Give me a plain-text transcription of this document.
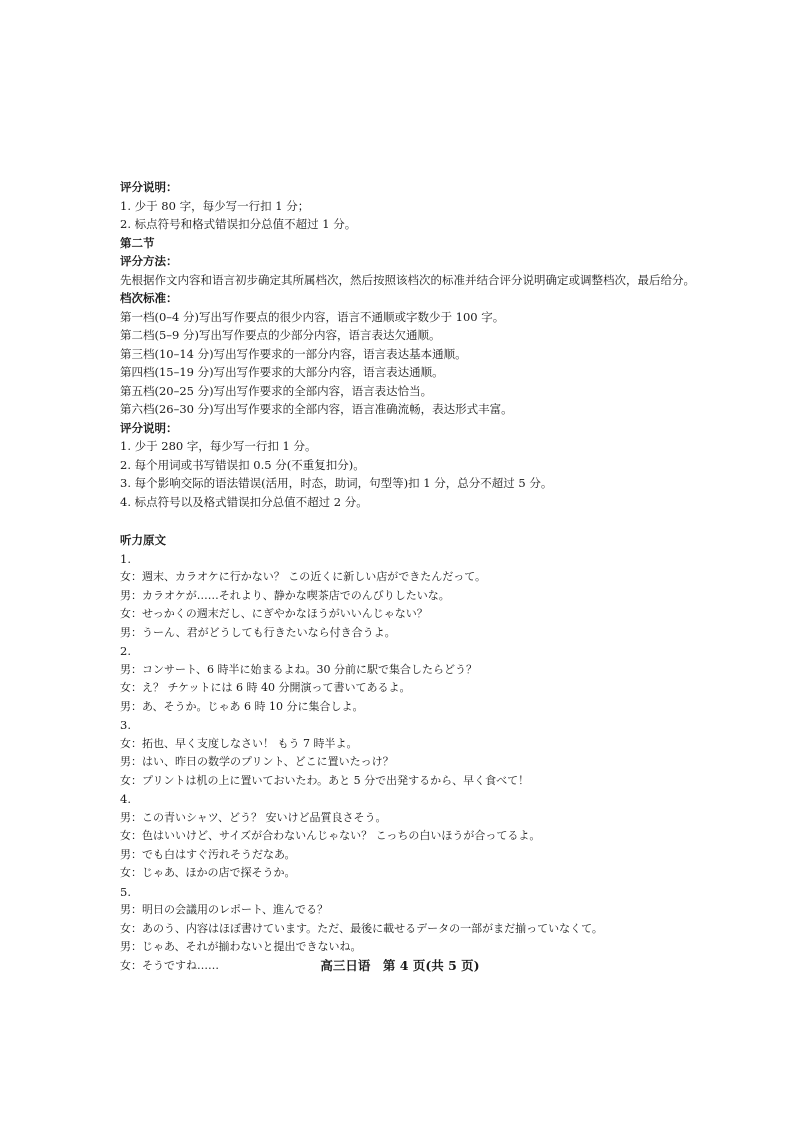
评分说明：
1. 少于 80 字，每少写一行扣 1 分；
2. 标点符号和格式错误扣分总值不超过 1 分。
第二节
评分方法：
先根据作文内容和语言初步确定其所属档次，然后按照该档次的标准并结合评分说明确定或调整档次，最后给分。
档次标准：
第一档(0–4 分)写出写作要点的很少内容，语言不通顺或字数少于 100 字。
第二档(5–9 分)写出写作要点的少部分内容，语言表达欠通顺。
第三档(10–14 分)写出写作要求的一部分内容，语言表达基本通顺。
第四档(15–19 分)写出写作要求的大部分内容，语言表达通顺。
第五档(20–25 分)写出写作要求的全部内容，语言表达恰当。
第六档(26–30 分)写出写作要求的全部内容，语言准确流畅，表达形式丰富。
评分说明：
1. 少于 280 字，每少写一行扣 1 分。
2. 每个用词或书写错误扣 0.5 分(不重复扣分)。
3. 每个影响交际的语法错误(活用，时态，助词，句型等)扣 1 分，总分不超过 5 分。
4. 标点符号以及格式错误扣分总值不超过 2 分。
听力原文
1.
女：週末、カラオケに行かない？ この近くに新しい店ができたんだって。
男：カラオケが……それより、静かな喫茶店でのんびりしたいな。
女：せっかくの週末だし、にぎやかなほうがいいんじゃない？
男：うーん、君がどうしても行きたいなら付き合うよ。
2.
男：コンサート、6 時半に始まるよね。30 分前に駅で集合したらどう？
女：え？ チケットには 6 時 40 分開演って書いてあるよ。
男：あ、そうか。じゃあ 6 時 10 分に集合しよ。
3.
女：拓也、早く支度しなさい！ もう 7 時半よ。
男：はい、昨日の数学のプリント、どこに置いたっけ？
女：プリントは机の上に置いておいたわ。あと 5 分で出発するから、早く食べて！
4.
男：この青いシャツ、どう？ 安いけど品質良さそう。
女：色はいいけど、サイズが合わないんじゃない？ こっちの白いほうが合ってるよ。
男：でも白はすぐ汚れそうだなあ。
女：じゃあ、ほかの店で探そうか。
5.
男：明日の会議用のレポート、進んでる？
女：あのう、内容はほぼ書けています。ただ、最後に載せるデータの一部がまだ揃っていなくて。
男：じゃあ、それが揃わないと提出できないね。
女：そうですね……	高三日语　第 4 页(共 5 页)
